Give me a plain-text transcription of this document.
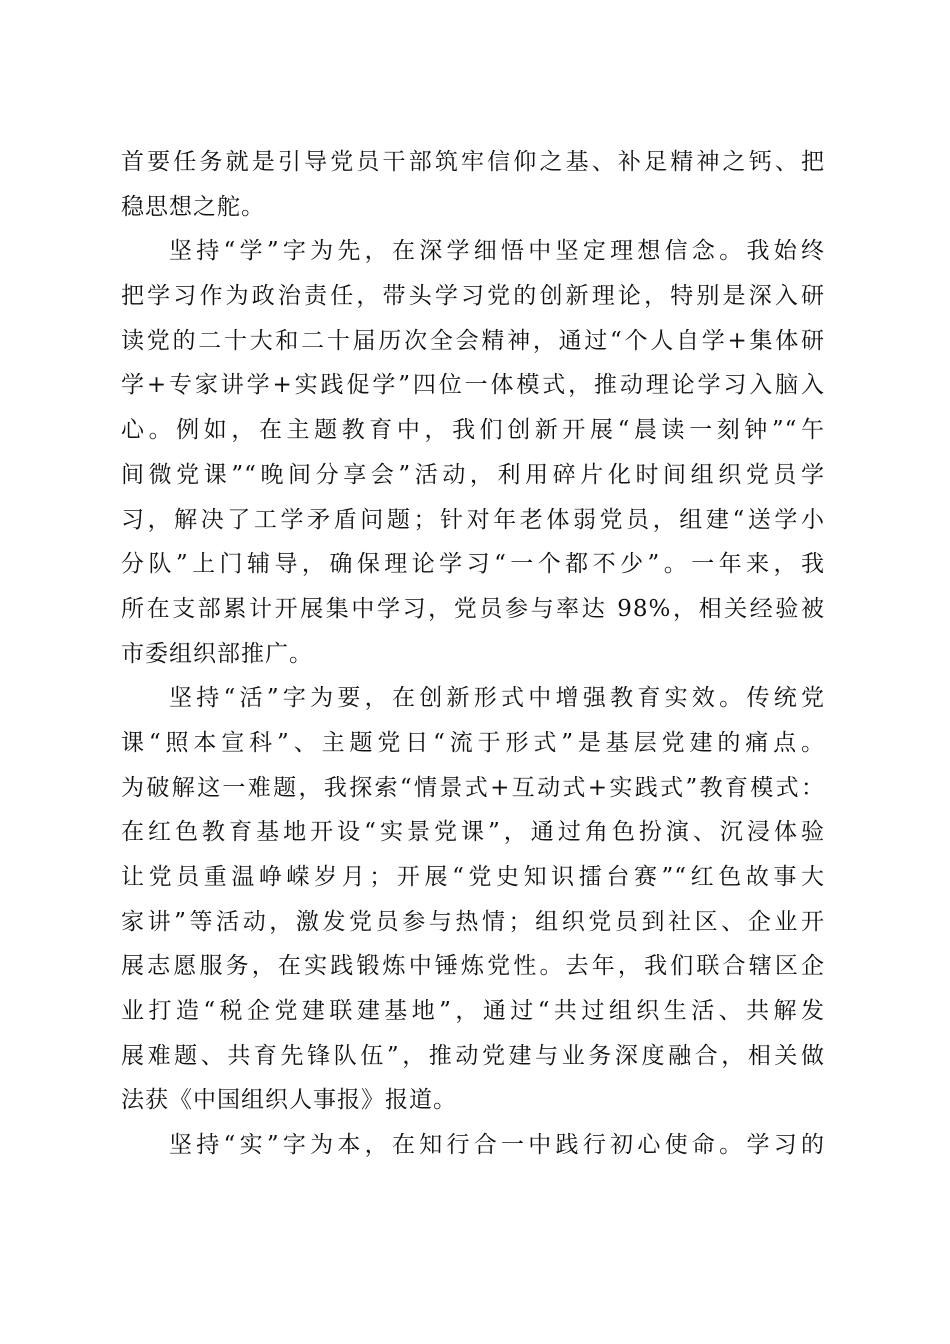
首要任务就是引导党员干部筑牢信仰之基、补足精神之钙、把
稳思想之舵。
坚持“学”字为先，在深学细悟中坚定理想信念。我始终
把学习作为政治责任，带头学习党的创新理论，特别是深入研
读党的二十大和二十届历次全会精神，通过“个人自学+集体研
学+专家讲学+实践促学”四位一体模式，推动理论学习入脑入
心。例如，在主题教育中，我们创新开展“晨读一刻钟”“午
间微党课”“晚间分享会”活动，利用碎片化时间组织党员学
习，解决了工学矛盾问题；针对年老体弱党员，组建“送学小
分队”上门辅导，确保理论学习“一个都不少”。一年来，我
所在支部累计开展集中学习，党员参与率达 98%，相关经验被
市委组织部推广。
坚持“活”字为要，在创新形式中增强教育实效。传统党
课“照本宣科”、主题党日“流于形式”是基层党建的痛点。
为破解这一难题，我探索“情景式+互动式+实践式”教育模式：
在红色教育基地开设“实景党课”，通过角色扮演、沉浸体验
让党员重温峥嵘岁月；开展“党史知识擂台赛”“红色故事大
家讲”等活动，激发党员参与热情；组织党员到社区、企业开
展志愿服务，在实践锻炼中锤炼党性。去年，我们联合辖区企
业打造“税企党建联建基地”，通过“共过组织生活、共解发
展难题、共育先锋队伍”，推动党建与业务深度融合，相关做
法获《中国组织人事报》报道。
坚持“实”字为本，在知行合一中践行初心使命。学习的
